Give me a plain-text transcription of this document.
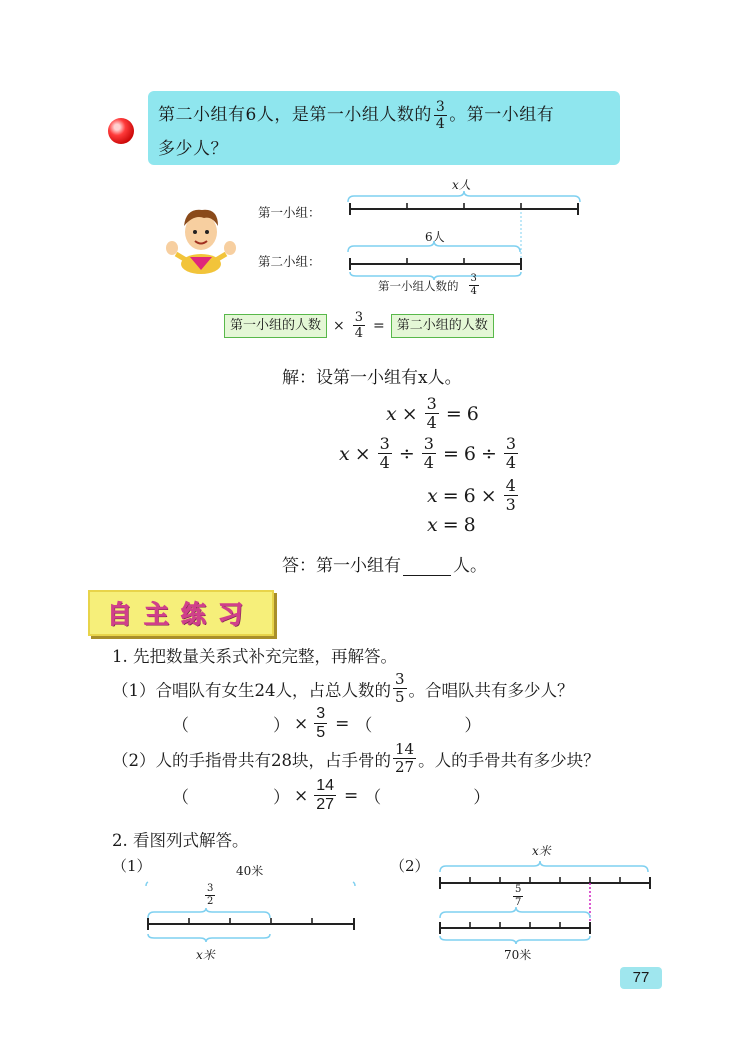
第二小组有6人，是第一小组人数的 $\frac{3}{4}$ 。第一小组有
多少人？
第一小组：
第二小组：
x人
6人
第一小组人数的 $\frac{3}{4}$
第一小组的人数 × $\frac{3}{4}$ = 第二小组的人数
解：设第一小组有x人。
$x \times \frac{3}{4} = 6$
$x \times \frac{3}{4} \div \frac{3}{4} = 6 \div \frac{3}{4}$
$x = 6 \times \frac{4}{3}$
x = 8
答：第一小组有	人。
自主练习
1. 先把数量关系式补充完整，再解答。
（1）合唱队有女生24人，占总人数的 $\frac{3}{5}$ 。合唱队共有多少人？
（	） × $\frac{3}{5}$ = （	）
（2）人的手指骨共有28块，占手骨的 $\frac{14}{27}$ 。人的手骨共有多少块？
（	） × $\frac{14}{27}$ = （	）
2. 看图列式解答。
（1）	40米
$\frac{3}{2}$
x米
（2）
x米
$\frac{5}{7}$
70米
77
